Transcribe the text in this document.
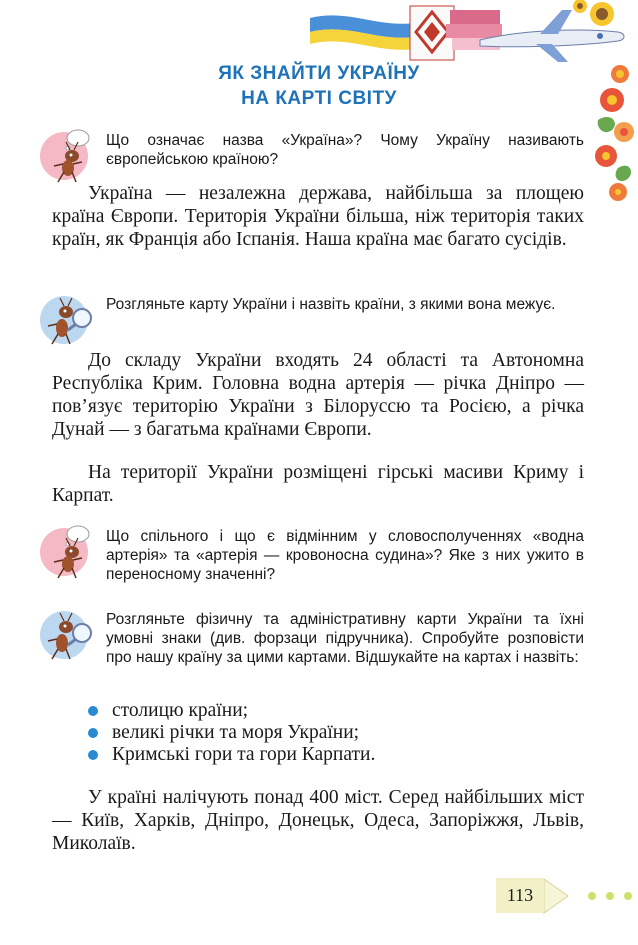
ЯК ЗНАЙТИ УКРАЇНУ
НА КАРТІ СВІТУ
Що означає назва «Україна»? Чому Україну називають європейською країною?
Україна — незалежна держава, найбільша за площею країна Європи. Територія України більша, ніж територія таких країн, як Франція або Іспанія. Наша країна має багато сусідів.
Розгляньте карту України і назвіть країни, з якими вона межує.
До складу України входять 24 області та Автономна Республіка Крим. Головна водна артерія — річка Дніпро — пов’язує територію України з Білоруссю та Росією, а річка Дунай — з багатьма країнами Європи.
На території України розміщені гірські масиви Криму і Карпат.
Що спільного і що є відмінним у словосполученнях «водна артерія» та «артерія — кровоносна судина»? Яке з них ужито в переносному значенні?
Розгляньте фізичну та адміністративну карти України та їхні умовні знаки (див. форзаци підручника). Спробуйте розповісти про нашу країну за цими картами. Відшукайте на картах і назвіть:
столицю країни;
великі річки та моря України;
Кримські гори та гори Карпати.
У країні налічують понад 400 міст. Серед найбільших міст — Київ, Харків, Дніпро, Донецьк, Одеса, Запоріжжя, Львів, Миколаїв.
113
